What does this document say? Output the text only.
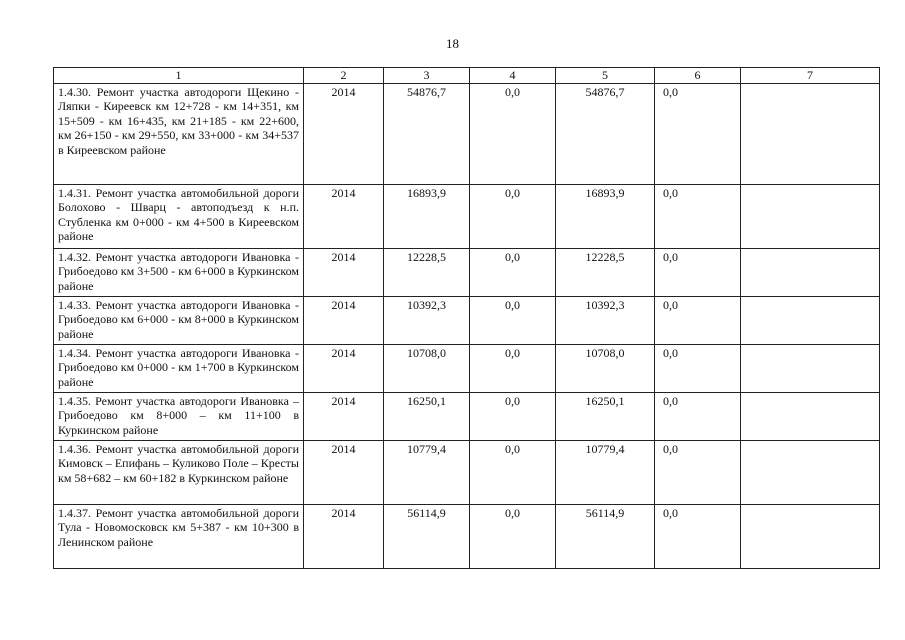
18
1	2	3	4	5	6	7
1.4.30. Ремонт участка автодороги Щекино - Ляпки - Киреевск км 12+728 - км 14+351, км 15+509 - км 16+435, км 21+185 - км 22+600, км 26+150 - км 29+550, км 33+000 - км 34+537 в Киреевском районе	2014	54876,7	0,0	54876,7	0,0	
1.4.31. Ремонт участка автомобильной дороги Болохово - Шварц - автоподъезд к н.п. Стубленка км 0+000 - км 4+500 в Киреевском районе	2014	16893,9	0,0	16893,9	0,0	
1.4.32. Ремонт участка автодороги Ивановка - Грибоедово км 3+500 - км 6+000 в Куркинском районе	2014	12228,5	0,0	12228,5	0,0	
1.4.33. Ремонт участка автодороги Ивановка - Грибоедово км 6+000 - км 8+000 в Куркинском районе	2014	10392,3	0,0	10392,3	0,0	
1.4.34. Ремонт участка автодороги Ивановка - Грибоедово км 0+000 - км 1+700 в Куркинском районе	2014	10708,0	0,0	10708,0	0,0	
1.4.35. Ремонт участка автодороги Ивановка – Грибоедово км 8+000 – км 11+100 в Куркинском районе	2014	16250,1	0,0	16250,1	0,0	
1.4.36. Ремонт участка автомобильной дороги Кимовск – Епифань – Куликово Поле – Кресты км 58+682 – км 60+182 в Куркинском районе	2014	10779,4	0,0	10779,4	0,0	
1.4.37. Ремонт участка автомобильной дороги Тула - Новомосковск км 5+387 - км 10+300 в Ленинском районе	2014	56114,9	0,0	56114,9	0,0	
